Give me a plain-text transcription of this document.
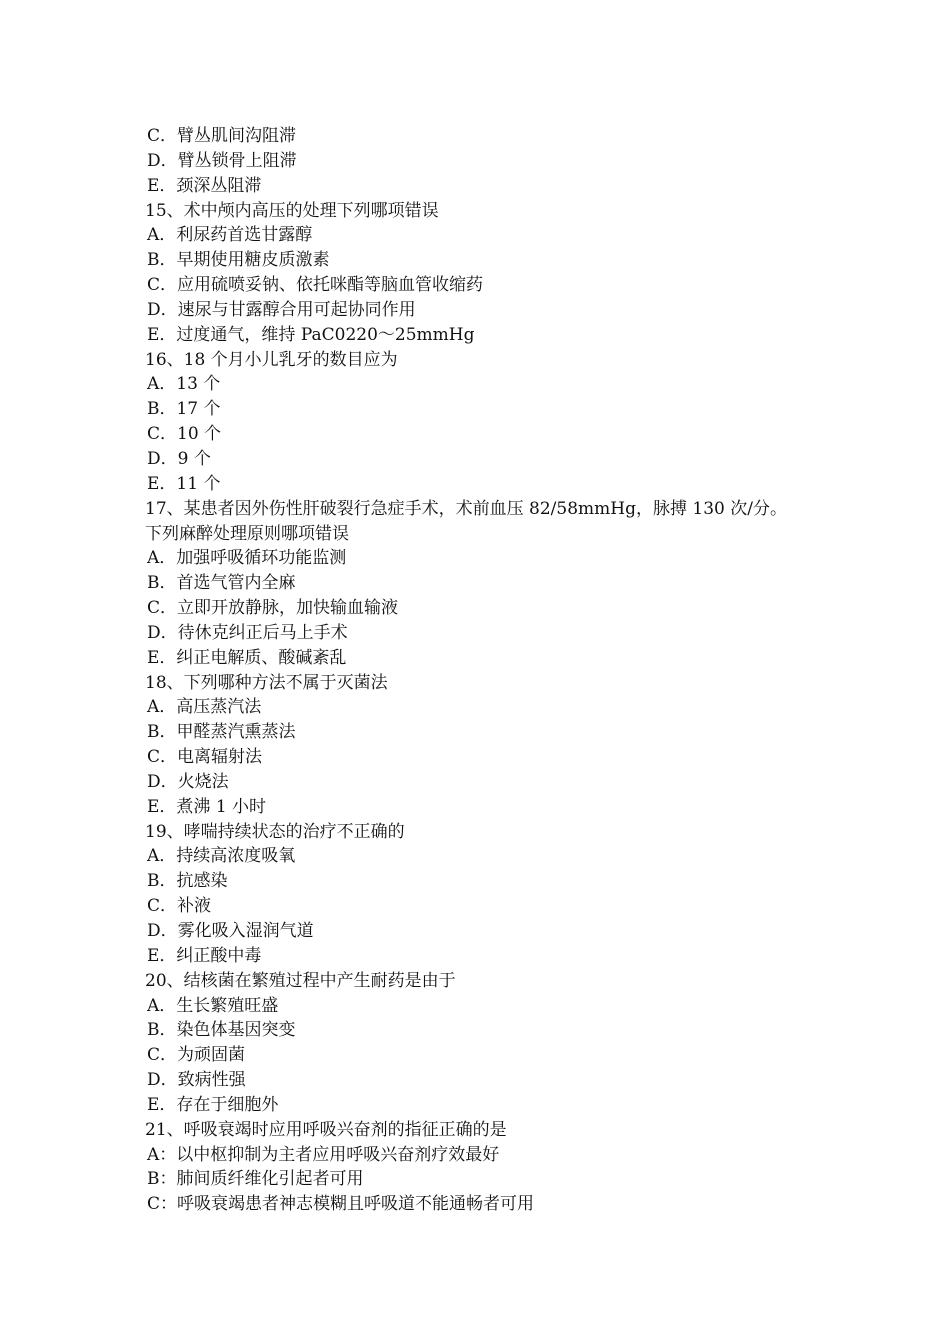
C．臂丛肌间沟阻滞
D．臂丛锁骨上阻滞
E．颈深丛阻滞
15、术中颅内高压的处理下列哪项错误
A．利尿药首选甘露醇
B．早期使用糖皮质激素
C．应用硫喷妥钠、依托咪酯等脑血管收缩药
D．速尿与甘露醇合用可起协同作用
E．过度通气，维持 PaC0220～25mmHg
16、18 个月小儿乳牙的数目应为
A．13 个
B．17 个
C．10 个
D．9 个
E．11 个
17、某患者因外伤性肝破裂行急症手术，术前血压 82/58mmHg，脉搏 130 次/分。
下列麻醉处理原则哪项错误
A．加强呼吸循环功能监测
B．首选气管内全麻
C．立即开放静脉，加快输血输液
D．待休克纠正后马上手术
E．纠正电解质、酸碱紊乱
18、下列哪种方法不属于灭菌法
A．高压蒸汽法
B．甲醛蒸汽熏蒸法
C．电离辐射法
D．火烧法
E．煮沸 1 小时
19、哮喘持续状态的治疗不正确的
A．持续高浓度吸氧
B．抗感染
C．补液
D．雾化吸入湿润气道
E．纠正酸中毒
20、结核菌在繁殖过程中产生耐药是由于
A．生长繁殖旺盛
B．染色体基因突变
C．为顽固菌
D．致病性强
E．存在于细胞外
21、呼吸衰竭时应用呼吸兴奋剂的指征正确的是
A：以中枢抑制为主者应用呼吸兴奋剂疗效最好
B：肺间质纤维化引起者可用
C：呼吸衰竭患者神志模糊且呼吸道不能通畅者可用
